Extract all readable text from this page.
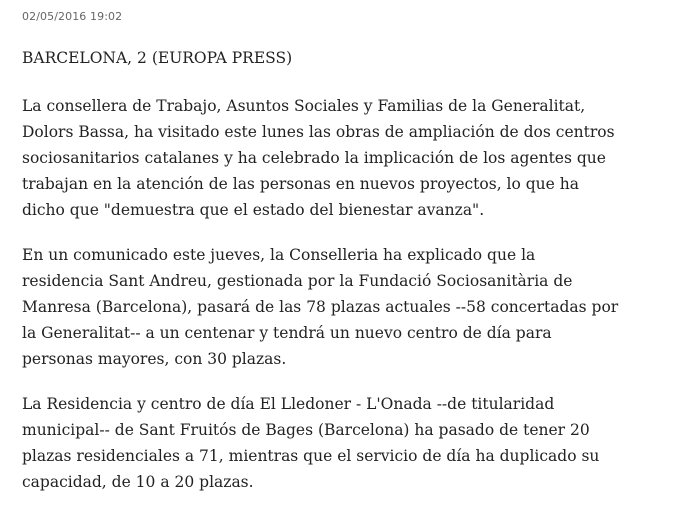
02/05/2016 19:02
BARCELONA, 2 (EUROPA PRESS)

La consellera de Trabajo, Asuntos Sociales y Familias de la Generalitat,
Dolors Bassa, ha visitado este lunes las obras de ampliación de dos centros
sociosanitarios catalanes y ha celebrado la implicación de los agentes que
trabajan en la atención de las personas en nuevos proyectos, lo que ha
dicho que "demuestra que el estado del bienestar avanza".

En un comunicado este jueves, la Conselleria ha explicado que la
residencia Sant Andreu, gestionada por la Fundació Sociosanitària de
Manresa (Barcelona), pasará de las 78 plazas actuales --58 concertadas por
la Generalitat-- a un centenar y tendrá un nuevo centro de día para
personas mayores, con 30 plazas.

La Residencia y centro de día El Lledoner - L'Onada --de titularidad
municipal-- de Sant Fruitós de Bages (Barcelona) ha pasado de tener 20
plazas residenciales a 71, mientras que el servicio de día ha duplicado su
capacidad, de 10 a 20 plazas.
